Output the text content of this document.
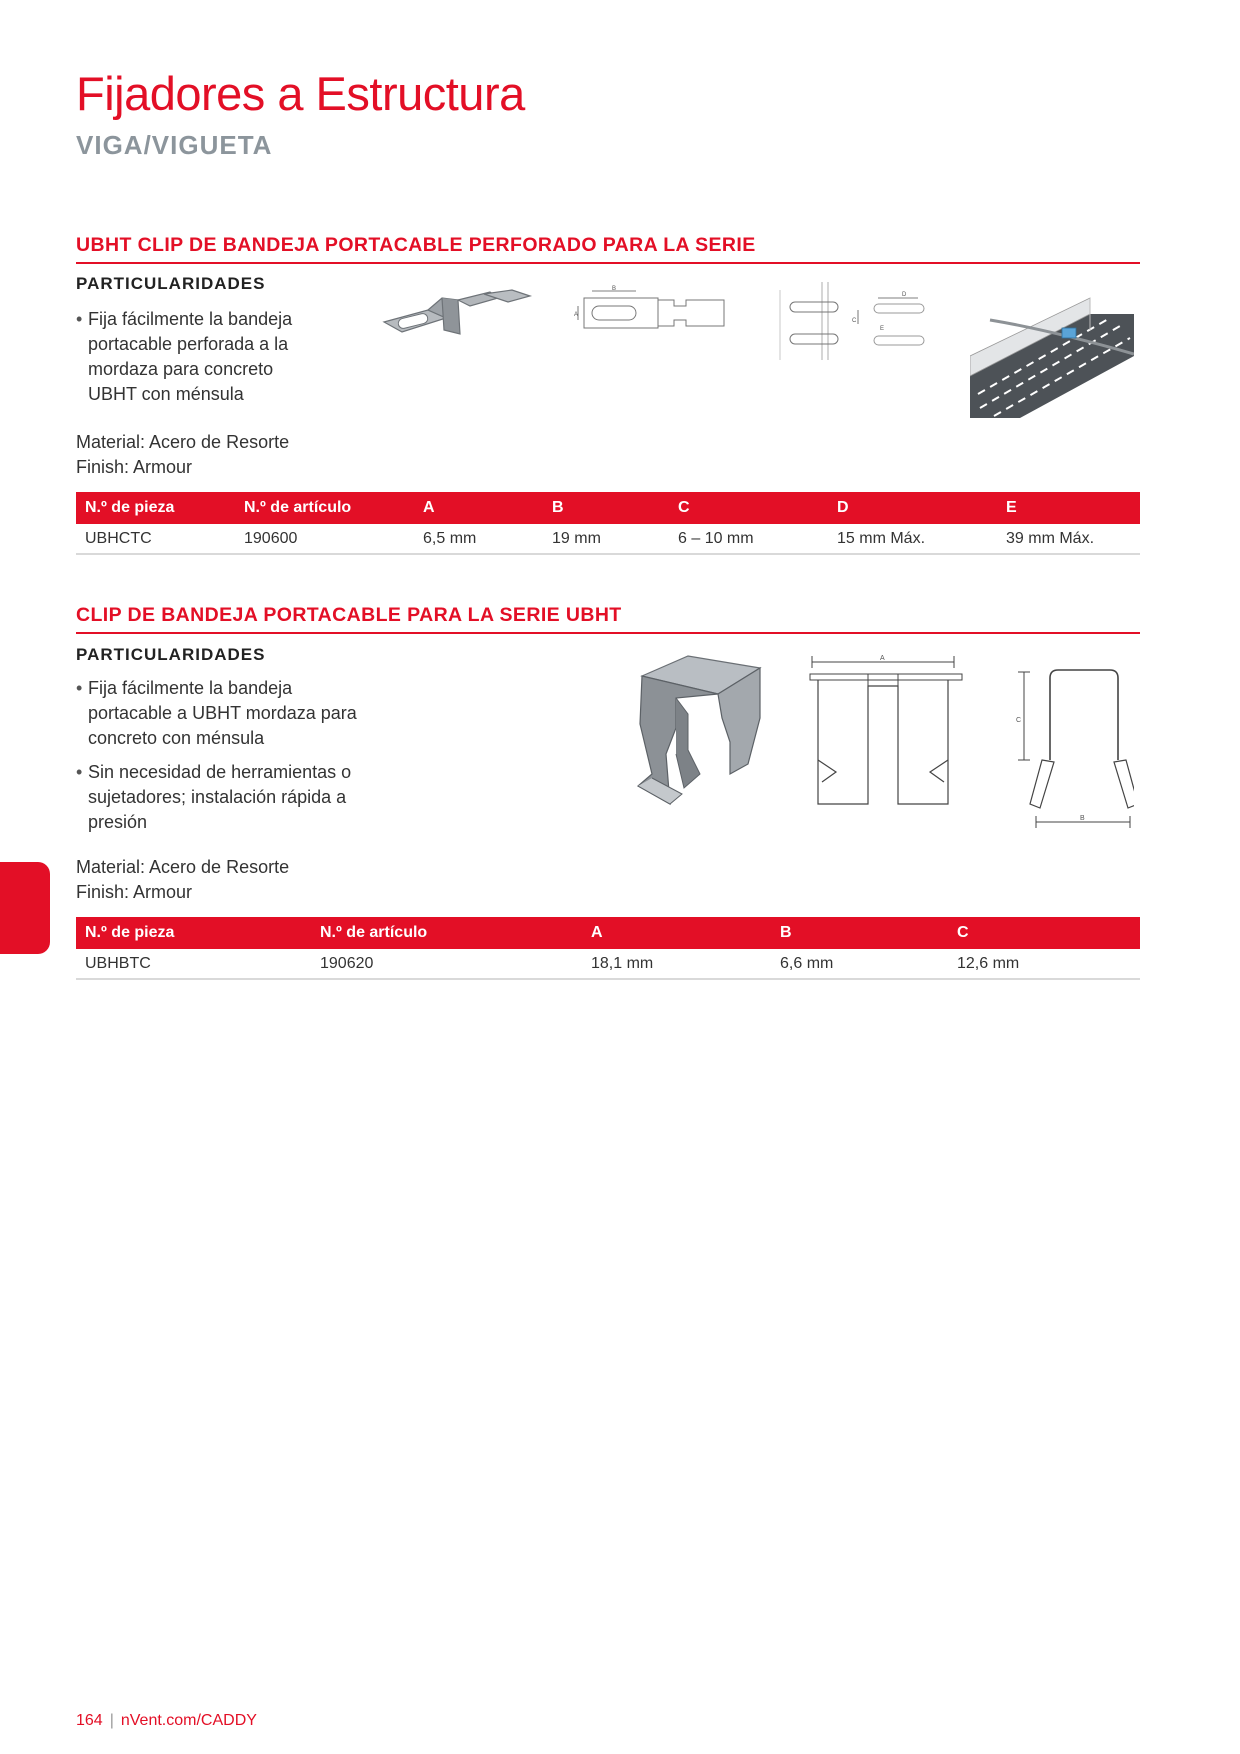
Fijadores a Estructura
VIGA/VIGUETA
UBHT CLIP DE BANDEJA PORTACABLE PERFORADO PARA LA SERIE
PARTICULARIDADES
• Fija fácilmente la bandeja portacable perforada a la mordaza para concreto UBHT con ménsula
Material: Acero de Resorte
Finish: Armour
B
A
D
C
E
N.º de pieza	N.º de artículo	A	B	C	D	E
UBHCTC	190600	6,5 mm	19 mm	6 – 10 mm	15 mm Máx.	39 mm Máx.
CLIP DE BANDEJA PORTACABLE PARA LA SERIE UBHT
PARTICULARIDADES
• Fija fácilmente la bandeja portacable a UBHT mordaza para concreto con ménsula
• Sin necesidad de herramientas o sujetadores; instalación rápida a presión
Material: Acero de Resorte
Finish: Armour
A
C
B
N.º de pieza	N.º de artículo	A	B	C
UBHBTC	190620	18,1 mm	6,6 mm	12,6 mm
164 | nVent.com/CADDY
